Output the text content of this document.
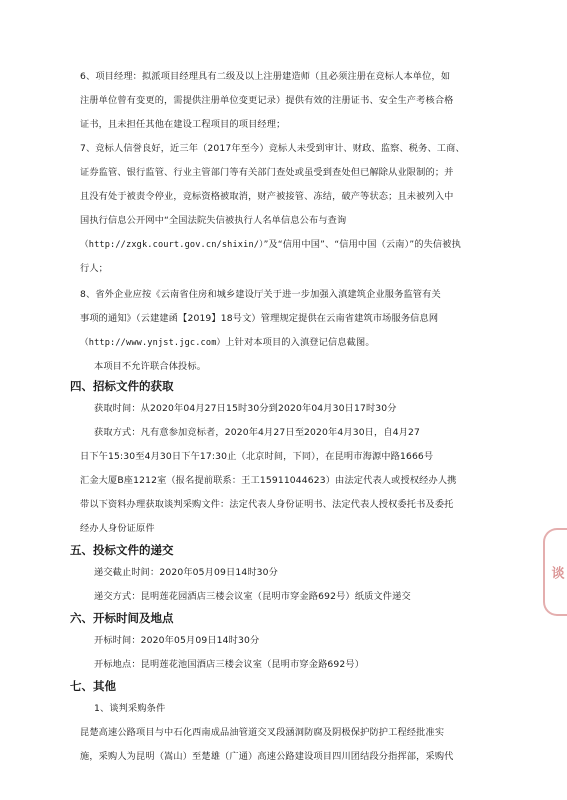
6、项目经理：拟派项目经理具有二级及以上注册建造师（且必须注册在竞标人本单位，如
注册单位曾有变更的，需提供注册单位变更记录）提供有效的注册证书、安全生产考核合格
证书，且未担任其他在建设工程项目的项目经理；
7、竞标人信誉良好，近三年（2017年至今）竞标人未受到审计、财政、监察、税务、工商、
证券监管、银行监管、行业主管部门等有关部门查处或虽受到查处但已解除从业限制的；并
且没有处于被责令停业，竞标资格被取消，财产被接管、冻结，破产等状态；且未被列入中
国执行信息公开网中“全国法院失信被执行人名单信息公布与查询
（http://zxgk.court.gov.cn/shixin/）”及“信用中国”、“信用中国（云南）”的失信被执
行人；
8、省外企业应按《云南省住房和城乡建设厅关于进一步加强入滇建筑企业服务监管有关
事项的通知》（云建建函【2019】18号文）管理规定提供在云南省建筑市场服务信息网
（http://www.ynjst.jgc.com）上针对本项目的入滇登记信息截图。
本项目不允许联合体投标。
四、招标文件的获取
获取时间：从2020年04月27日15时30分到2020年04月30日17时30分
获取方式：凡有意参加竞标者，2020年4月27日至2020年4月30日，自4月27
日下午15:30至4月30日下午17:30止（北京时间，下同），在昆明市海源中路1666号
汇金大厦B座1212室（报名提前联系：王工15911044623）由法定代表人或授权经办人携
带以下资料办理获取谈判采购文件：法定代表人身份证明书、法定代表人授权委托书及委托
经办人身份证原件
五、投标文件的递交
递交截止时间：2020年05月09日14时30分
递交方式：昆明莲花园酒店三楼会议室（昆明市穿金路692号）纸质文件递交
六、开标时间及地点
开标时间：2020年05月09日14时30分
开标地点：昆明莲花池国酒店三楼会议室（昆明市穿金路692号）
七、其他
1、谈判采购条件
昆楚高速公路项目与中石化西南成品油管道交叉段涵洞防腐及阴极保护防护工程经批准实
施，采购人为昆明（嵩山）至楚雄（广通）高速公路建设项目四川团结段分指挥部，采购代
谈
